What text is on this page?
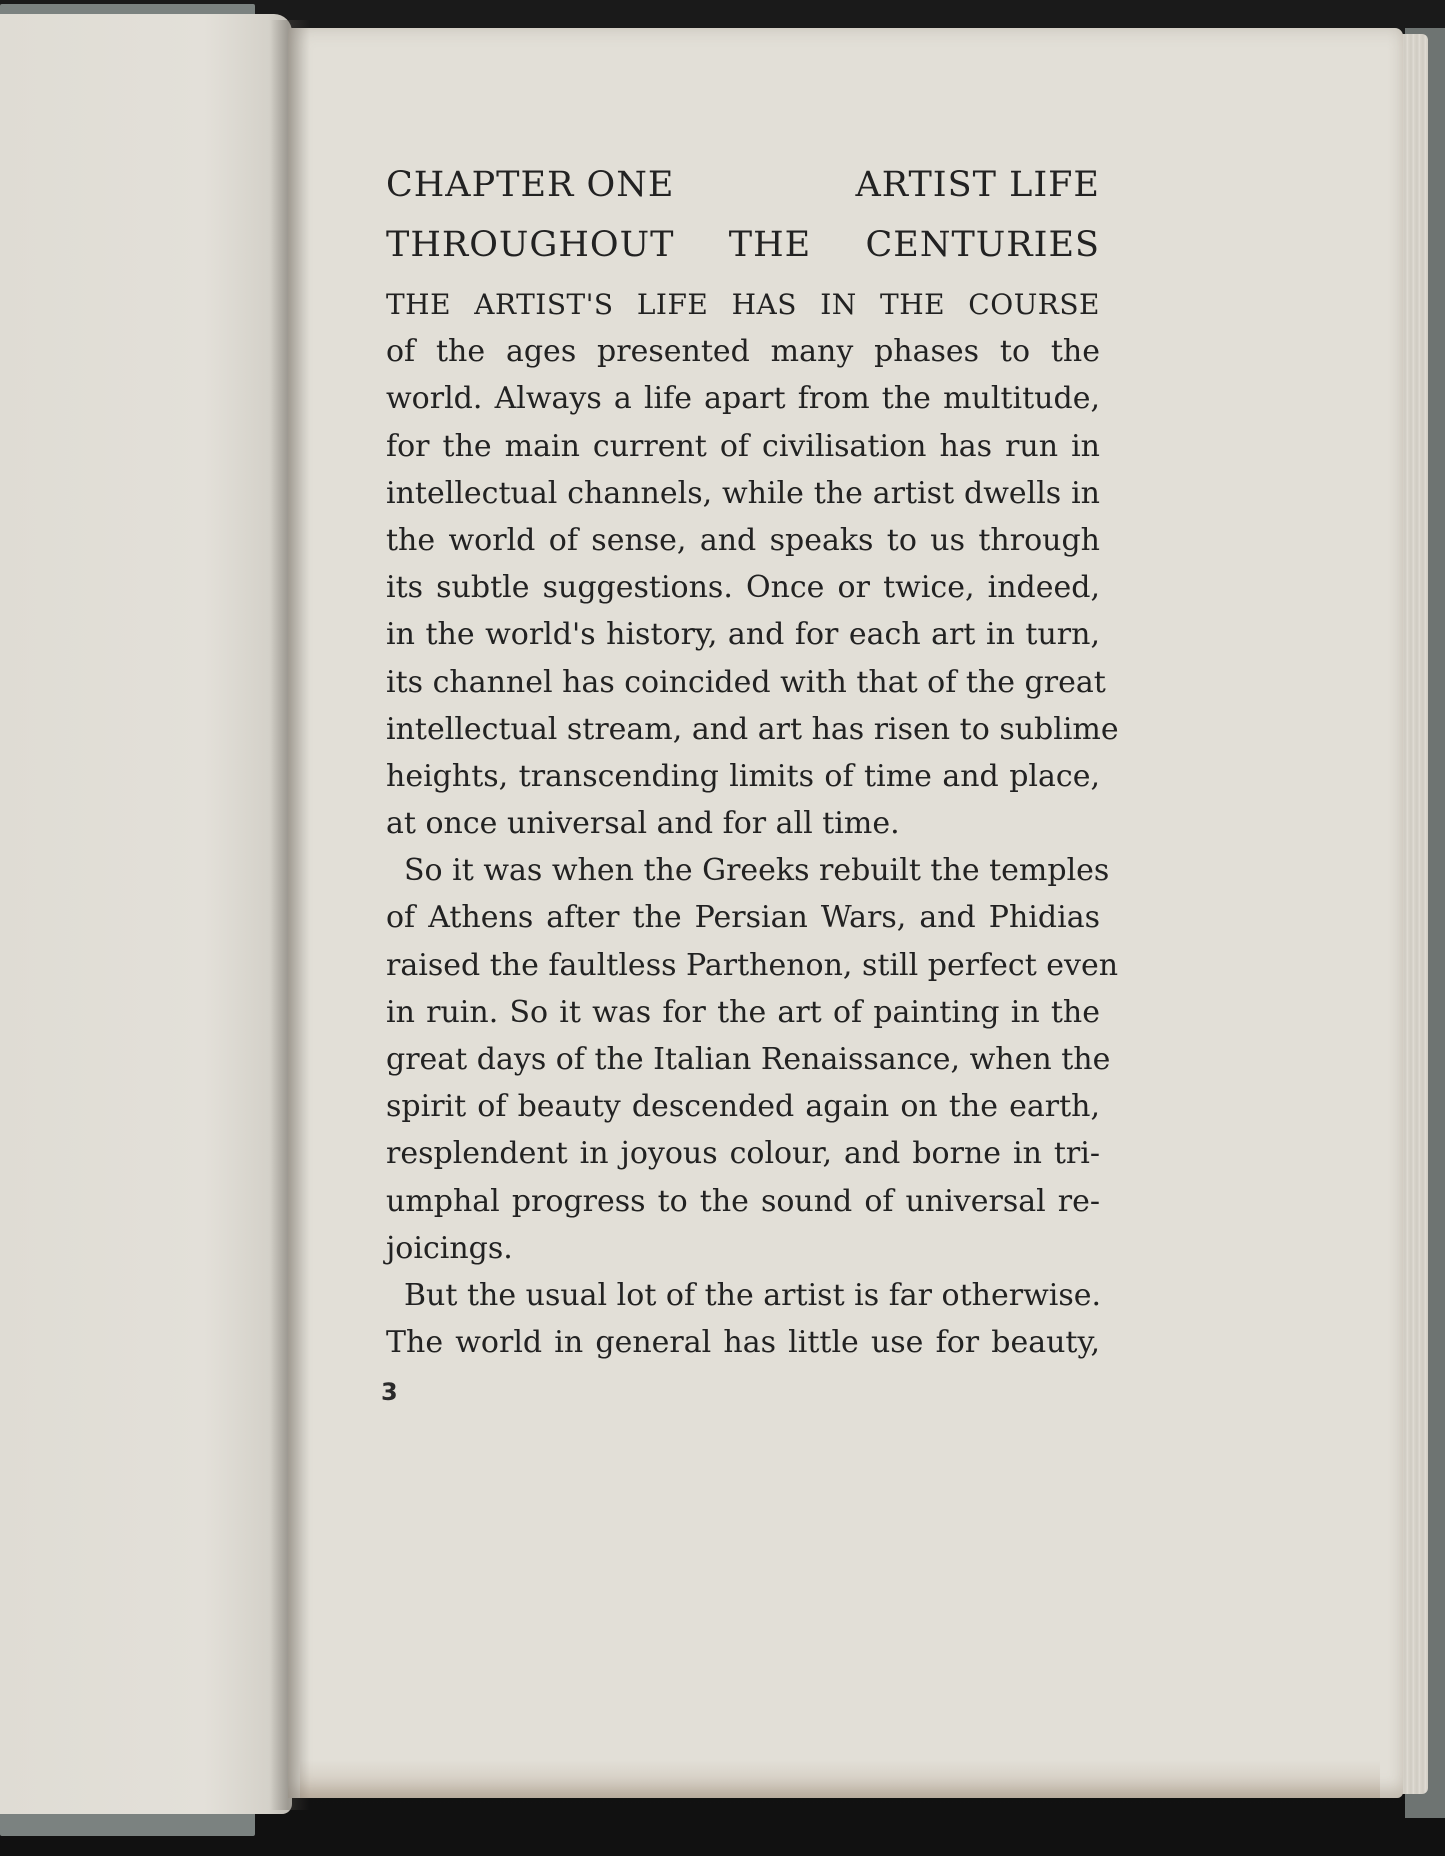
CHAPTER ONE	ARTIST LIFE
THROUGHOUT THE CENTURIES
THE ARTIST'S LIFE HAS IN THE COURSE
of the ages presented many phases to the
world. Always a life apart from the multitude,
for the main current of civilisation has run in
intellectual channels, while the artist dwells in
the world of sense, and speaks to us through
its subtle suggestions. Once or twice, indeed,
in the world's history, and for each art in turn,
its channel has coincided with that of the great
intellectual stream, and art has risen to sublime
heights, transcending limits of time and place,
at once universal and for all time.
So it was when the Greeks rebuilt the temples
of Athens after the Persian Wars, and Phidias
raised the faultless Parthenon, still perfect even
in ruin. So it was for the art of painting in the
great days of the Italian Renaissance, when the
spirit of beauty descended again on the earth,
resplendent in joyous colour, and borne in tri-
umphal progress to the sound of universal re-
joicings.
But the usual lot of the artist is far otherwise.
The world in general has little use for beauty,
3
